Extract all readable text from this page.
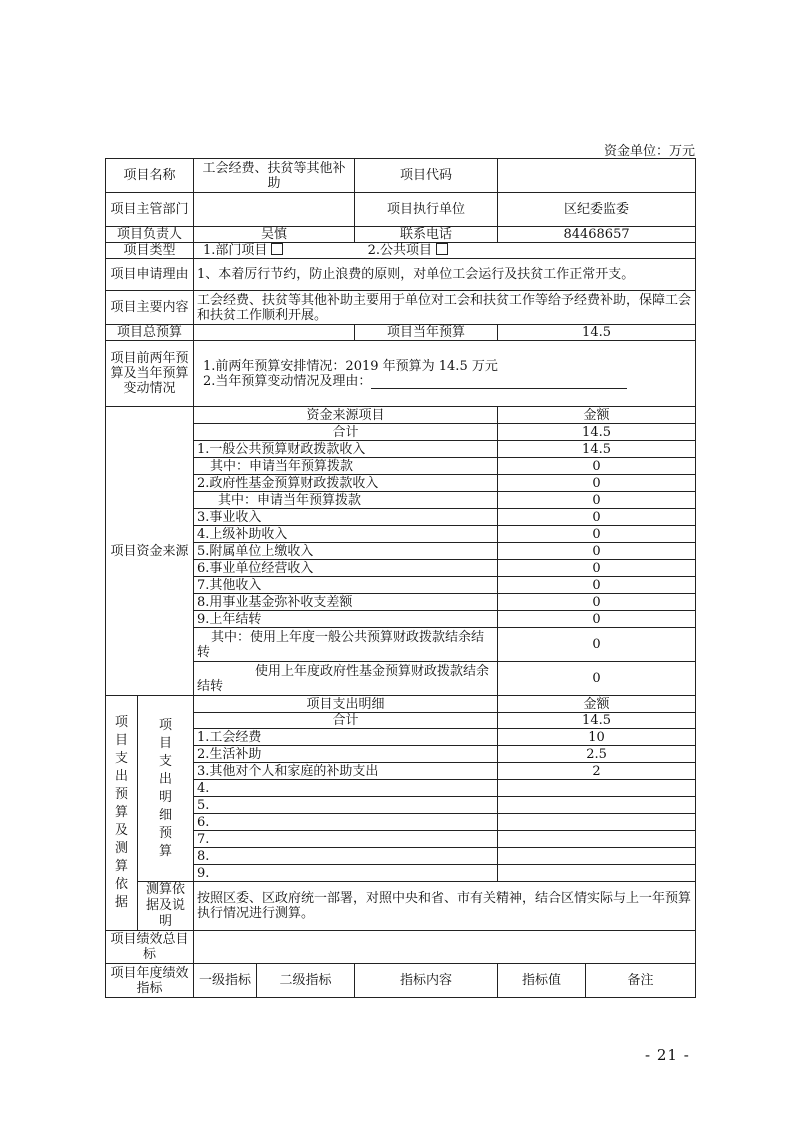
资金单位：万元
项目名称		工会经费、扶贫等其他补助		项目代码		
项目主管部门				项目执行单位	区纪委监委	
项目负责人		吴慎		联系电话	84468657	
项目类型		1.部门项目 2.公共项目				
项目申请理由		1、本着厉行节约，防止浪费的原则，对单位工会运行及扶贫工作正常开支。				
项目主要内容		工会经费、扶贫等其他补助主要用于单位对工会和扶贫工作等给予经费补助，保障工会和扶贫工作顺利开展。				
项目总预算				项目当年预算	14.5	
项目前两年预算及当年预算变动情况		1.前两年预算安排情况：2019 年预算为 14.5 万元
2.当年预算变动情况及理由：				

项目资金来源		资金来源项目			金额	
		合计			14.5	
		1.一般公共预算财政拨款收入			14.5	
		其中：申请当年预算拨款			0	
		2.政府性基金预算财政拨款收入			0	
		其中：申请当年预算拨款			0	
		3.事业收入			0	
		4.上级补助收入			0	
		5.附属单位上缴收入			0	
		6.事业单位经营收入			0	
		7.其他收入			0	
		8.用事业基金弥补收支差额			0	
		9.上年结转			0	
		其中：使用上年度一般公共预算财政拨款结余结转			0	
		使用上年度政府性基金预算财政拨款结余结转			0	
项目支出预算及测算依据	项目支出明细预算	项目支出明细			金额	
		合计			14.5	
		1.工会经费			10	
		2.生活补助			2.5	
		3.其他对个人和家庭的补助支出			2	
		4.				
		5.				
		6.				
		7.				
		8.				
		9.				
	测算依据及说明	按照区委、区政府统一部署，对照中央和省、市有关精神，结合区情实际与上一年预算执行情况进行测算。				
项目绩效总目标						
项目年度绩效指标		一级指标	二级指标	指标内容	指标值	备注
- 21 -
